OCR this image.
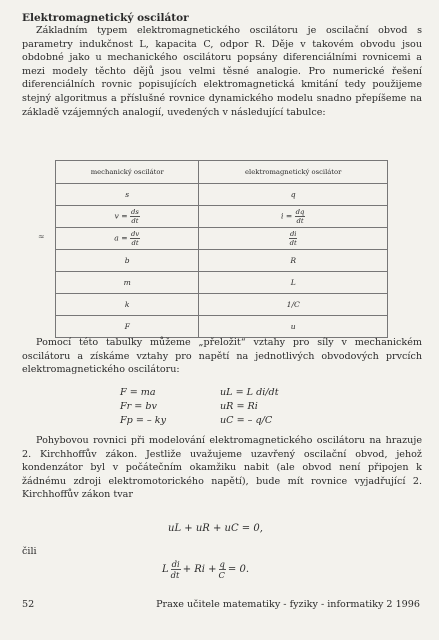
Elektromagnetický oscilátor
Základním typem elektromagnetického oscilátoru je oscilační obvod s parametry indukčnost L, kapacita C, odpor R. Děje v takovém obvodu jsou obdobné jako u mechanického oscilátoru popsány diferenciálními rovnicemi a mezi modely těchto dějů jsou velmi těsné analogie. Pro numerické řešení diferenciálních rovnic popisujících elektromagnetická kmitání tedy použijeme stejný algoritmus a příslušné rovnice dynamického modelu snadno přepíšeme na základě vzájemných analogií, uvedených v následující tabulce:
mechanický oscilátor	elektromagnetický oscilátor
s	q
$v = \frac{ds}{dt}$	$i = \frac{dq}{dt}$

$a = \frac{dv}{dt}$	$\frac{di}{dt}$

b	R
m	L
k	1/C
F	u
≈
Pomocí této tabulky můžeme „přeložit“ vztahy pro síly v mechanickém oscilátoru a získáme vztahy pro napětí na jednotlivých obvodových prvcích elektromagnetického oscilátoru:
F = ma	uL = L di/dt
Fr = bv	uR = Ri
Fp = – ky	uC = – q/C
Pohybovou rovnici při modelování elektromagnetického oscilátoru na hrazuje 2. Kirchhoffův zákon. Jestliže uvažujeme uzavřený oscilační obvod, jehož kondenzátor byl v počátečním okamžiku nabit (ale obvod není připojen k žádnému zdroji elektromotorického napětí), bude mít rovnice vyjadřující 2. Kirchhoffův zákon tvar
uL + uR + uC = 0,
čili
L $\frac{di}{dt} + Ri + \frac{q}{C} = 0$.
52	Praxe učitele matematiky - fyziky - informatiky 2 1996
